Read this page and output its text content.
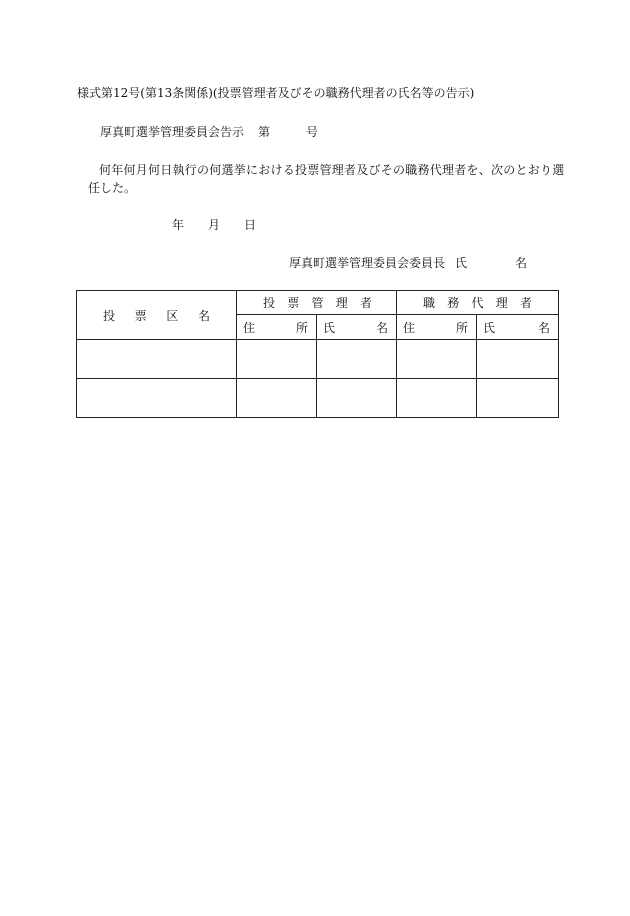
様式第12号(第13条関係)(投票管理者及びその職務代理者の氏名等の告示)
厚真町選挙管理委員会告示 第	号
何年何月何日執行の何選挙における投票管理者及びその職務代理者を、次のとおり選
任した。
年 月 日
厚真町選挙管理委員会委員長 氏	名
投 票 区 名	投 票 管 理 者		職 務 代 理 者	

	住 所	氏 名	住 所	氏 名
